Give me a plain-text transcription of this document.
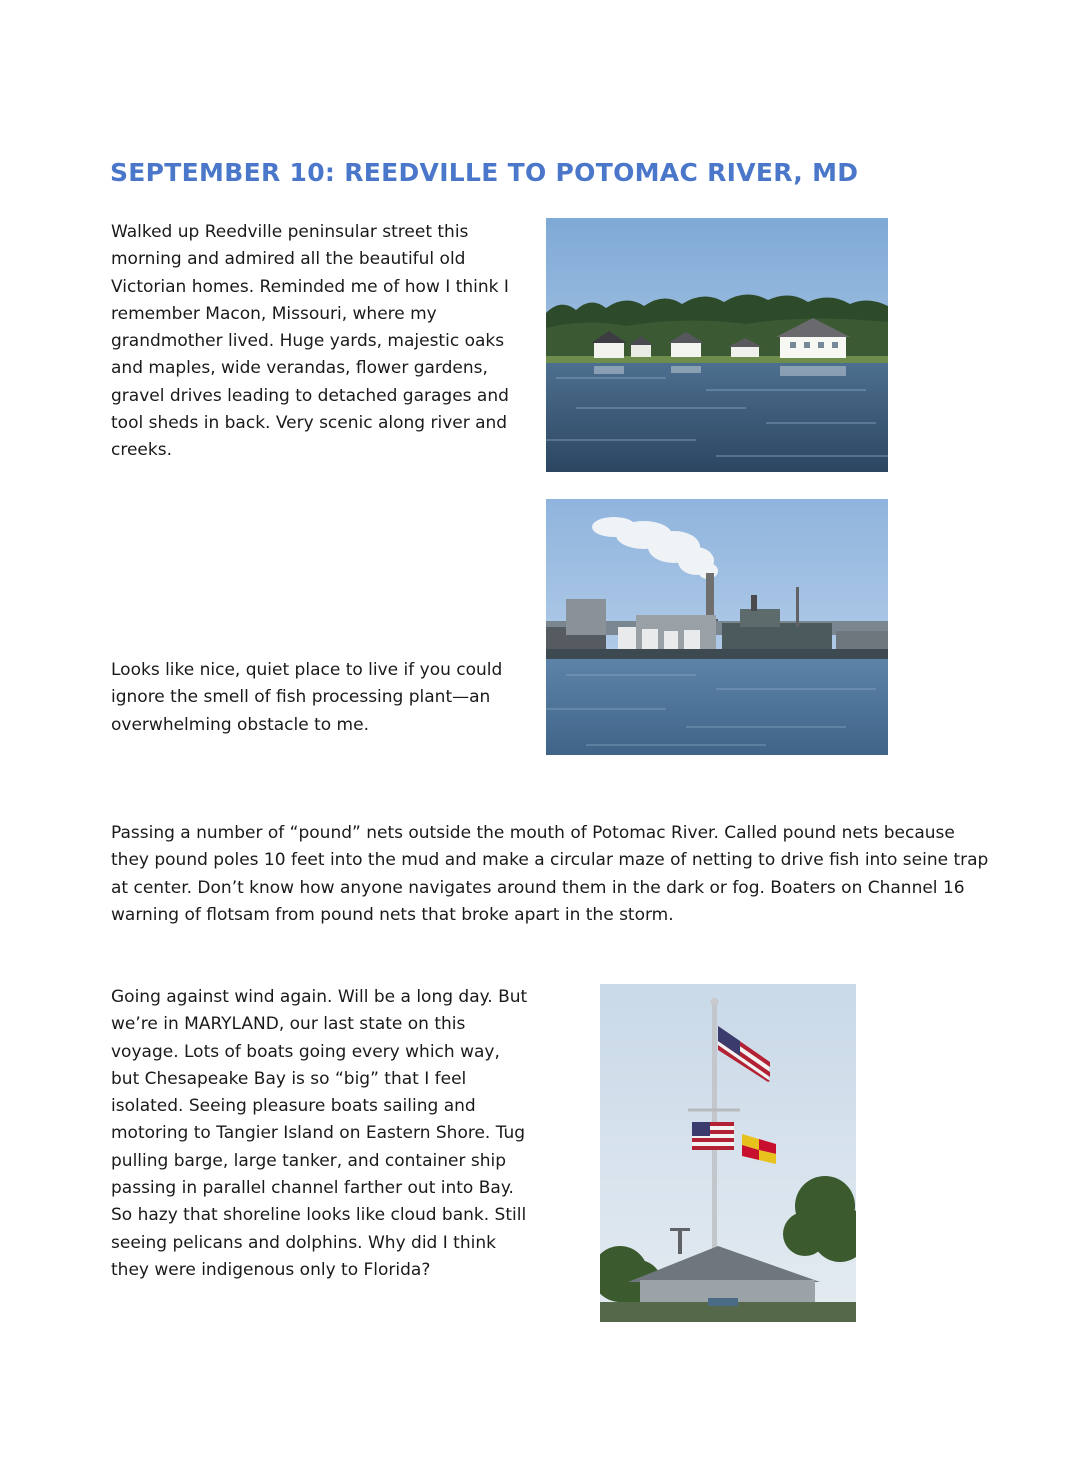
SEPTEMBER 10: REEDVILLE TO POTOMAC RIVER, MD

Walked up Reedville peninsular street this morning and admired all the beautiful old Victorian homes. Reminded me of how I think I remember Macon, Missouri, where my grandmother lived. Huge yards, majestic oaks and maples, wide verandas, flower gardens, gravel drives leading to detached garages and tool sheds in back. Very scenic along river and creeks.

Looks like nice, quiet place to live if you could ignore the smell of fish processing plant—an overwhelming obstacle to me.

Passing a number of “pound” nets outside the mouth of Potomac River. Called pound nets because they pound poles 10 feet into the mud and make a circular maze of netting to drive fish into seine trap at center. Don’t know how anyone navigates around them in the dark or fog. Boaters on Channel 16 warning of flotsam from pound nets that broke apart in the storm.

Going against wind again. Will be a long day. But we’re in MARYLAND, our last state on this voyage. Lots of boats going every which way, but Chesapeake Bay is so “big” that I feel isolated. Seeing pleasure boats sailing and motoring to Tangier Island on Eastern Shore. Tug pulling barge, large tanker, and container ship passing in parallel channel farther out into Bay. So hazy that shoreline looks like cloud bank. Still seeing pelicans and dolphins. Why did I think they were indigenous only to Florida?
